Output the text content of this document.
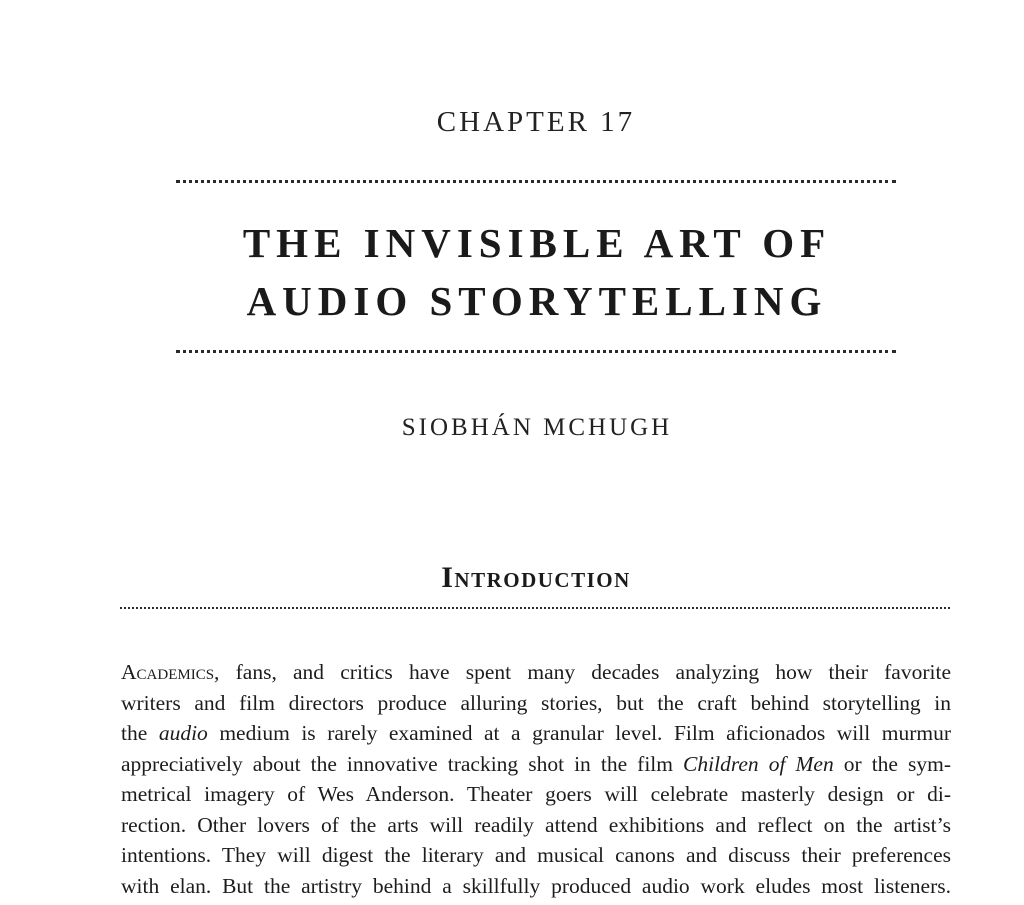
CHAPTER 17
THE INVISIBLE ART OF
AUDIO STORYTELLING
SIOBHÁN MCHUGH
Introduction
Academics, fans, and critics have spent many decades analyzing how their favorite
writers and film directors produce alluring stories, but the craft behind storytelling in
the audio medium is rarely examined at a granular level. Film aficionados will murmur
appreciatively about the innovative tracking shot in the film Children of Men or the sym-
metrical imagery of Wes Anderson. Theater goers will celebrate masterly design or di-
rection. Other lovers of the arts will readily attend exhibitions and reflect on the artist’s
intentions. They will digest the literary and musical canons and discuss their preferences
with elan. But the artistry behind a skillfully produced audio work eludes most listeners.
